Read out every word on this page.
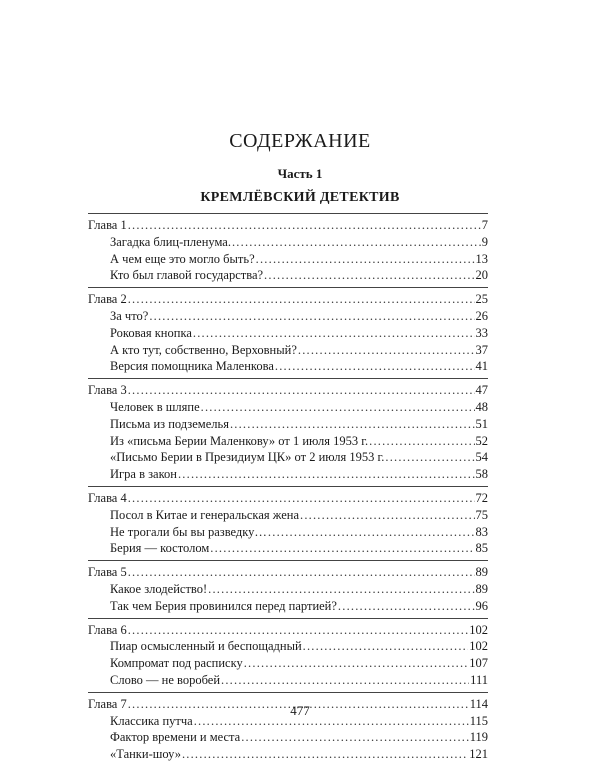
СОДЕРЖАНИЕ
Часть 1
КРЕМЛЁВСКИЙ ДЕТЕКТИВ
Глава 1 .....	7
Загадка блиц-пленума. .....	9
А чем еще это могло быть? .....	13
Кто был главой государства? .....	20
Глава 2 .....	25
За что? .....	26
Роковая кнопка .....	33
А кто тут, собственно, Верховный? .....	37
Версия помощника Маленкова .....	41
Глава 3 .....	47
Человек в шляпе .....	48
Письма из подземелья .....	51
Из «письма Берии Маленкову» от 1 июля 1953 г. .....	52
«Письмо Берии в Президиум ЦК» от 2 июля 1953 г. .....	54
Игра в закон .....	58
Глава 4 .....	72
Посол в Китае и генеральская жена .....	75
Не трогали бы вы разведку… .....	83
Берия — костолом .....	85
Глава 5 .....	89
Какое злодейство! .....	89
Так чем Берия провинился перед партией? .....	96
Глава 6 .....	102
Пиар осмысленный и беспощадный .....	102
Компромат под расписку .....	107
Слово — не воробей .....	111
Глава 7 .....	114
Классика путча .....	115
Фактор времени и места .....	119
«Танки-шоу» .....	121
477
